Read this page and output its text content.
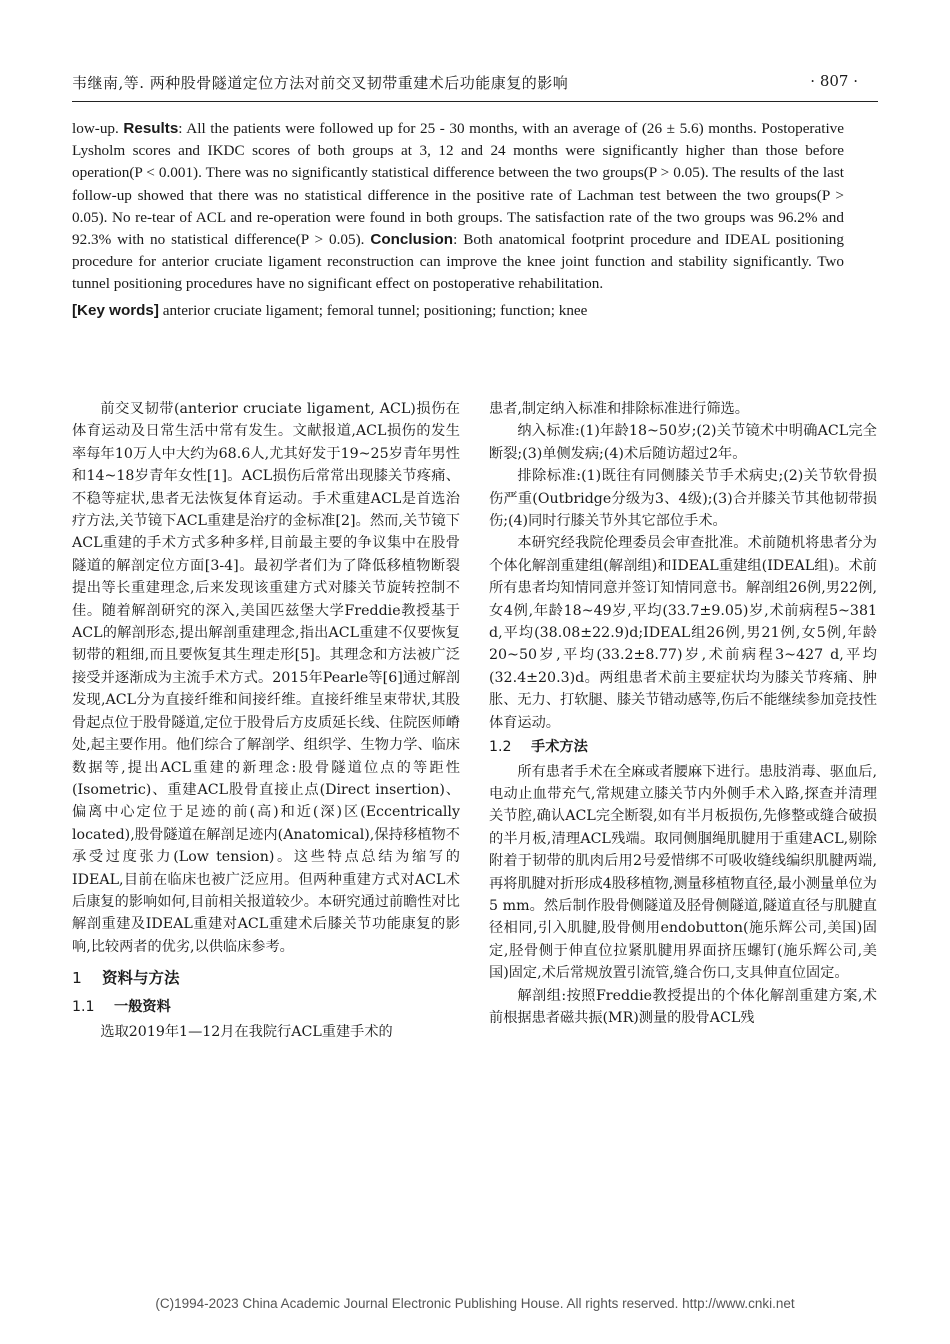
韦继南,等. 两种股骨隧道定位方法对前交叉韧带重建术后功能康复的影响	· 807 ·

low-up. Results: All the patients were followed up for 25 - 30 months, with an average of (26 ± 5.6) months. Postoperative Lysholm scores and IKDC scores of both groups at 3, 12 and 24 months were significantly higher than those before operation(P < 0.001). There was no significantly statistical difference between the two groups(P > 0.05). The results of the last follow-up showed that there was no statistical difference in the positive rate of Lachman test between the two groups(P > 0.05). No re-tear of ACL and re-operation were found in both groups. The satisfaction rate of the two groups was 96.2% and 92.3% with no statistical difference(P > 0.05). Conclusion: Both anatomical footprint procedure and IDEAL positioning procedure for anterior cruciate ligament reconstruction can improve the knee joint function and stability significantly. Two tunnel positioning procedures have no significant effect on postoperative rehabilitation.

[Key words] anterior cruciate ligament; femoral tunnel; positioning; function; knee

前交叉韧带(anterior cruciate ligament, ACL)损伤在体育运动及日常生活中常有发生。文献报道,ACL损伤的发生率每年10万人中大约为68.6人,尤其好发于19~25岁青年男性和14~18岁青年女性[1]。ACL损伤后常常出现膝关节疼痛、不稳等症状,患者无法恢复体育运动。手术重建ACL是首选治疗方法,关节镜下ACL重建是治疗的金标准[2]。然而,关节镜下ACL重建的手术方式多种多样,目前最主要的争议集中在股骨隧道的解剖定位方面[3-4]。最初学者们为了降低移植物断裂提出等长重建理念,后来发现该重建方式对膝关节旋转控制不佳。随着解剖研究的深入,美国匹兹堡大学Freddie教授基于ACL的解剖形态,提出解剖重建理念,指出ACL重建不仅要恢复韧带的粗细,而且要恢复其生理走形[5]。其理念和方法被广泛接受并逐渐成为主流手术方式。2015年Pearle等[6]通过解剖发现,ACL分为直接纤维和间接纤维。直接纤维呈束带状,其股骨起点位于股骨隧道,定位于股骨后方皮质延长线、住院医师嵴处,起主要作用。他们综合了解剖学、组织学、生物力学、临床数据等,提出ACL重建的新理念:股骨隧道位点的等距性(Isometric)、重建ACL股骨直接止点(Direct insertion)、偏离中心定位于足迹的前(高)和近(深)区(Eccentrically located),股骨隧道在解剖足迹内(Anatomical),保持移植物不承受过度张力(Low tension)。这些特点总结为缩写的IDEAL,目前在临床也被广泛应用。但两种重建方式对ACL术后康复的影响如何,目前相关报道较少。本研究通过前瞻性对比解剖重建及IDEAL重建对ACL重建术后膝关节功能康复的影响,比较两者的优劣,以供临床参考。

1 资料与方法
1.1 一般资料

选取2019年1—12月在我院行ACL重建手术的

患者,制定纳入标准和排除标准进行筛选。

纳入标准:(1)年龄18~50岁;(2)关节镜术中明确ACL完全断裂;(3)单侧发病;(4)术后随访超过2年。

排除标准:(1)既往有同侧膝关节手术病史;(2)关节软骨损伤严重(Outbridge分级为3、4级);(3)合并膝关节其他韧带损伤;(4)同时行膝关节外其它部位手术。

本研究经我院伦理委员会审查批准。术前随机将患者分为个体化解剖重建组(解剖组)和IDEAL重建组(IDEAL组)。术前所有患者均知情同意并签订知情同意书。解剖组26例,男22例,女4例,年龄18~49岁,平均(33.7±9.05)岁,术前病程5~381 d,平均(38.08±22.9)d;IDEAL组26例,男21例,女5例,年龄20~50岁,平均(33.2±8.77)岁,术前病程3~427 d,平均(32.4±20.3)d。两组患者术前主要症状均为膝关节疼痛、肿胀、无力、打软腿、膝关节错动感等,伤后不能继续参加竞技性体育运动。

1.2 手术方法

所有患者手术在全麻或者腰麻下进行。患肢消毒、驱血后,电动止血带充气,常规建立膝关节内外侧手术入路,探查并清理关节腔,确认ACL完全断裂,如有半月板损伤,先修整或缝合破损的半月板,清理ACL残端。取同侧腘绳肌腱用于重建ACL,剔除附着于韧带的肌肉后用2号爱惜绑不可吸收缝线编织肌腱两端,再将肌腱对折形成4股移植物,测量移植物直径,最小测量单位为5 mm。然后制作股骨侧隧道及胫骨侧隧道,隧道直径与肌腱直径相同,引入肌腱,股骨侧用endobutton(施乐辉公司,美国)固定,胫骨侧于伸直位拉紧肌腱用界面挤压螺钉(施乐辉公司,美国)固定,术后常规放置引流管,缝合伤口,支具伸直位固定。

解剖组:按照Freddie教授提出的个体化解剖重建方案,术前根据患者磁共振(MR)测量的股骨ACL残

(C)1994-2023 China Academic Journal Electronic Publishing House. All rights reserved. http://www.cnki.net
